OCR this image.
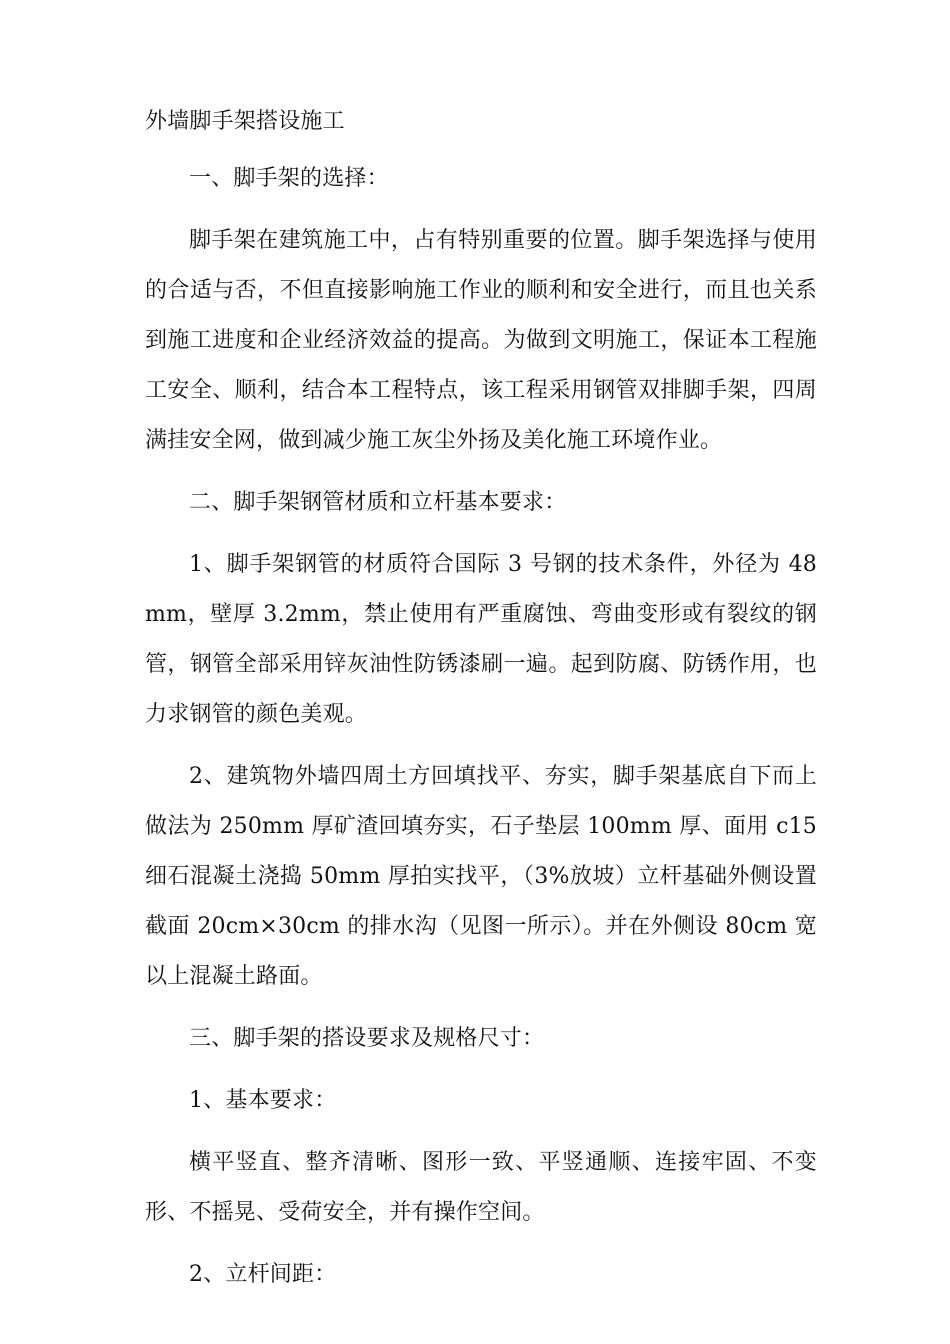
外墙脚手架搭设施工

一、脚手架的选择：

脚手架在建筑施工中，占有特别重要的位置。脚手架选择与使用的合适与否，不但直接影响施工作业的顺利和安全进行，而且也关系到施工进度和企业经济效益的提高。为做到文明施工，保证本工程施工安全、顺利，结合本工程特点，该工程采用钢管双排脚手架，四周满挂安全网，做到减少施工灰尘外扬及美化施工环境作业。

二、脚手架钢管材质和立杆基本要求：

1、脚手架钢管的材质符合国际 3 号钢的技术条件，外径为 48mm，壁厚 3.2mm，禁止使用有严重腐蚀、弯曲变形或有裂纹的钢管，钢管全部采用锌灰油性防锈漆刷一遍。起到防腐、防锈作用，也力求钢管的颜色美观。

2、建筑物外墙四周土方回填找平、夯实，脚手架基底自下而上做法为 250mm 厚矿渣回填夯实，石子垫层 100mm 厚、面用 c15 细石混凝土浇捣 50mm 厚拍实找平，（3%放坡）立杆基础外侧设置截面 20cm×30cm 的排水沟（见图一所示）。并在外侧设 80cm 宽以上混凝土路面。

三、脚手架的搭设要求及规格尺寸：

1、基本要求：

横平竖直、整齐清晰、图形一致、平竖通顺、连接牢固、不变形、不摇晃、受荷安全，并有操作空间。

2、立杆间距：
